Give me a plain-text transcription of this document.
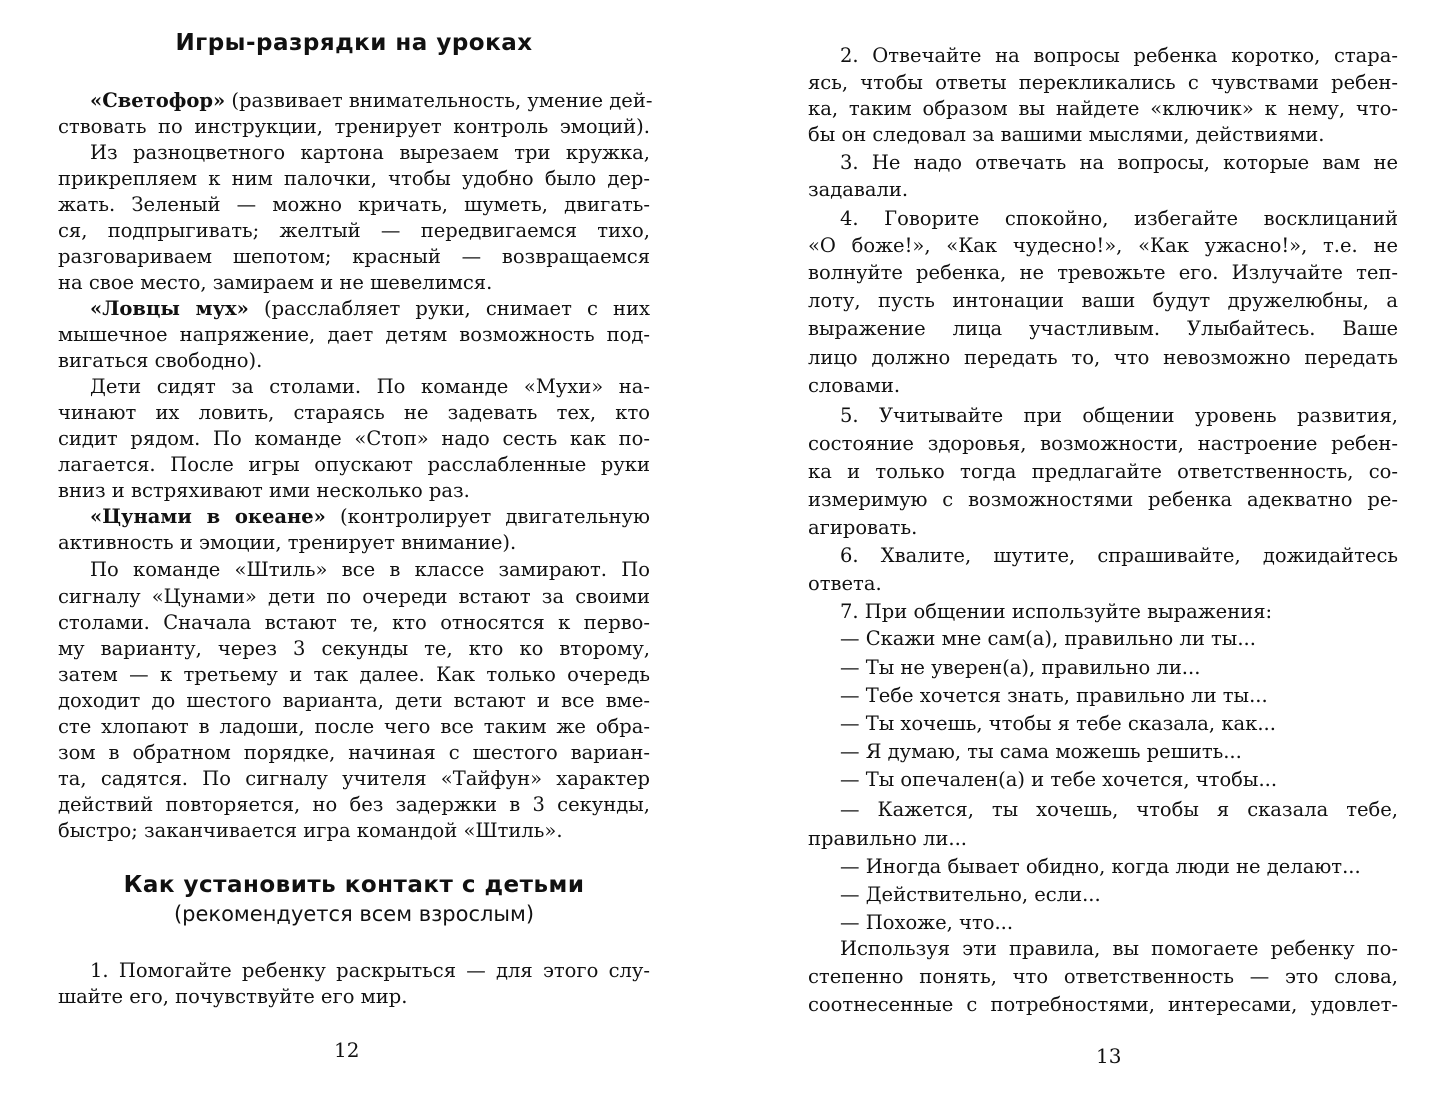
Игры-разрядки на уроках
«Светофор» (развивает внимательность, умение дей-
ствовать по инструкции, тренирует контроль эмоций).
Из разноцветного картона вырезаем три кружка,
прикрепляем к ним палочки, чтобы удобно было дер-
жать. Зеленый — можно кричать, шуметь, двигать-
ся, подпрыгивать; желтый — передвигаемся тихо,
разговариваем шепотом; красный — возвращаемся
на свое место, замираем и не шевелимся.
«Ловцы мух» (расслабляет руки, снимает с них
мышечное напряжение, дает детям возможность под-
вигаться свободно).
Дети сидят за столами. По команде «Мухи» на-
чинают их ловить, стараясь не задевать тех, кто
сидит рядом. По команде «Стоп» надо сесть как по-
лагается. После игры опускают расслабленные руки
вниз и встряхивают ими несколько раз.
«Цунами в океане» (контролирует двигательную
активность и эмоции, тренирует внимание).
По команде «Штиль» все в классе замирают. По
сигналу «Цунами» дети по очереди встают за своими
столами. Сначала встают те, кто относятся к перво-
му варианту, через 3 секунды те, кто ко второму,
затем — к третьему и так далее. Как только очередь
доходит до шестого варианта, дети встают и все вме-
сте хлопают в ладоши, после чего все таким же обра-
зом в обратном порядке, начиная с шестого вариан-
та, садятся. По сигналу учителя «Тайфун» характер
действий повторяется, но без задержки в 3 секунды,
быстро; заканчивается игра командой «Штиль».
Как установить контакт с детьми
(рекомендуется всем взрослым)
1. Помогайте ребенку раскрыться — для этого слу-
шайте его, почувствуйте его мир.
12
2. Отвечайте на вопросы ребенка коротко, стара-
ясь, чтобы ответы перекликались с чувствами ребен-
ка, таким образом вы найдете «ключик» к нему, что-
бы он следовал за вашими мыслями, действиями.
3. Не надо отвечать на вопросы, которые вам не
задавали.
4. Говорите спокойно, избегайте восклицаний
«О боже!», «Как чудесно!», «Как ужасно!», т.е. не
волнуйте ребенка, не тревожьте его. Излучайте теп-
лоту, пусть интонации ваши будут дружелюбны, а
выражение лица участливым. Улыбайтесь. Ваше
лицо должно передать то, что невозможно передать
словами.
5. Учитывайте при общении уровень развития,
состояние здоровья, возможности, настроение ребен-
ка и только тогда предлагайте ответственность, со-
измеримую с возможностями ребенка адекватно ре-
агировать.
6. Хвалите, шутите, спрашивайте, дожидайтесь
ответа.
7. При общении используйте выражения:
— Скажи мне сам(а), правильно ли ты...
— Ты не уверен(а), правильно ли...
— Тебе хочется знать, правильно ли ты...
— Ты хочешь, чтобы я тебе сказала, как...
— Я думаю, ты сама можешь решить...
— Ты опечален(а) и тебе хочется, чтобы...
— Кажется, ты хочешь, чтобы я сказала тебе,
правильно ли...
— Иногда бывает обидно, когда люди не делают...
— Действительно, если...
— Похоже, что...
Используя эти правила, вы помогаете ребенку по-
степенно понять, что ответственность — это слова,
соотнесенные с потребностями, интересами, удовлет-
13
